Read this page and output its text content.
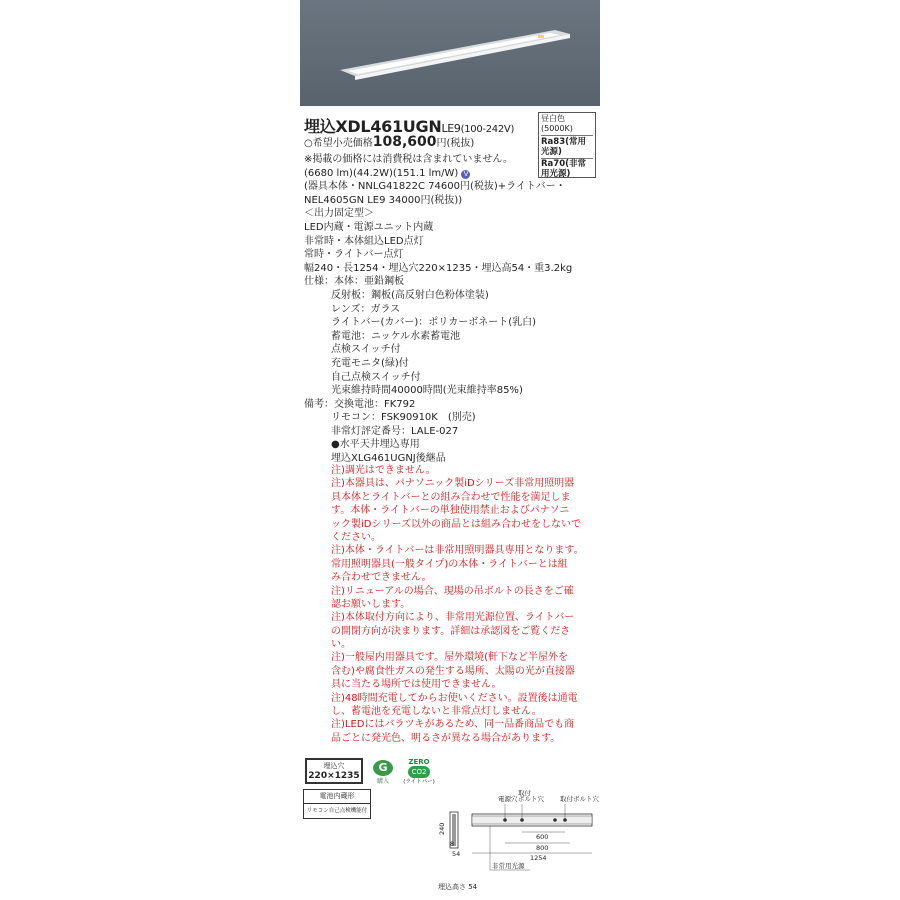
埋込XDL461UGNLE9(100-242V)
○希望小売価格108,600円(税抜)
※掲載の価格には消費税は含まれていません。
(6680 lm)(44.2W)(151.1 lm/W) V
(器具本体・NNLG41822C 74600円(税抜)+ライトバー・
NEL4605GN LE9 34000円(税抜))
＜出力固定型＞
LED内蔵・電源ユニット内蔵
非常時・本体組込LED点灯
常時・ライトバー点灯
幅240・長1254・埋込穴220×1235・埋込高54・重3.2kg
仕様：本体：亜鉛鋼板
反射板：鋼板(高反射白色粉体塗装)
レンズ：ガラス
ライトバー(カバー)：ポリカーボネート(乳白)
蓄電池：ニッケル水素蓄電池
点検スイッチ付
充電モニタ(緑)付
自己点検スイッチ付
光束維持時間40000時間(光束維持率85%)
備考：交換電池：FK792
リモコン：FSK90910K　(別売)
非常灯評定番号：LALE-027
●水平天井埋込専用
埋込XLG461UGNJ後継品
昼白色(5000K)
Ra83(常用光源)
Ra70(非常用光源)
注)調光はできません。
注)本器具は、パナソニック製iDシリーズ非常用照明器
具本体とライトバーとの組み合わせで性能を満足しま
す。本体・ライトバーの単独使用禁止およびパナソニ
ック製iDシリーズ以外の商品とは組み合わせをしないで
ください。
注)本体・ライトバーは非常用照明器具専用となります。
常用照明器具(一般タイプ)の本体・ライトバーとは組
み合わせできません。
注)リニューアルの場合、現場の吊ボルトの長さをご確
認お願いします。
注)本体取付方向により、非常用光源位置、ライトバー
の開閉方向が決まります。詳細は承認図をご覧くださ
い。
注)一般屋内用器具です。屋外環境(軒下など半屋外を
含む)や腐食性ガスの発生する場所、太陽の光が直接器
具に当たる場所では使用できません。
注)48時間充電してからお使いください。設置後は通電
し、蓄電池を充電しないと非常点灯しません。
注)LEDにはバラツキがあるため、同一品番商品でも商
品ごとに発光色、明るさが異なる場合があります。
埋込穴
220×1235
G
購入
ZERO
CO2
(ライトバー)
電池内蔵形
リモコン自己点検機能付
電源穴
取付
ボルト穴 取付ボルト穴
600
800
1254
240
8
54
非常用光源
埋込高さ 54
